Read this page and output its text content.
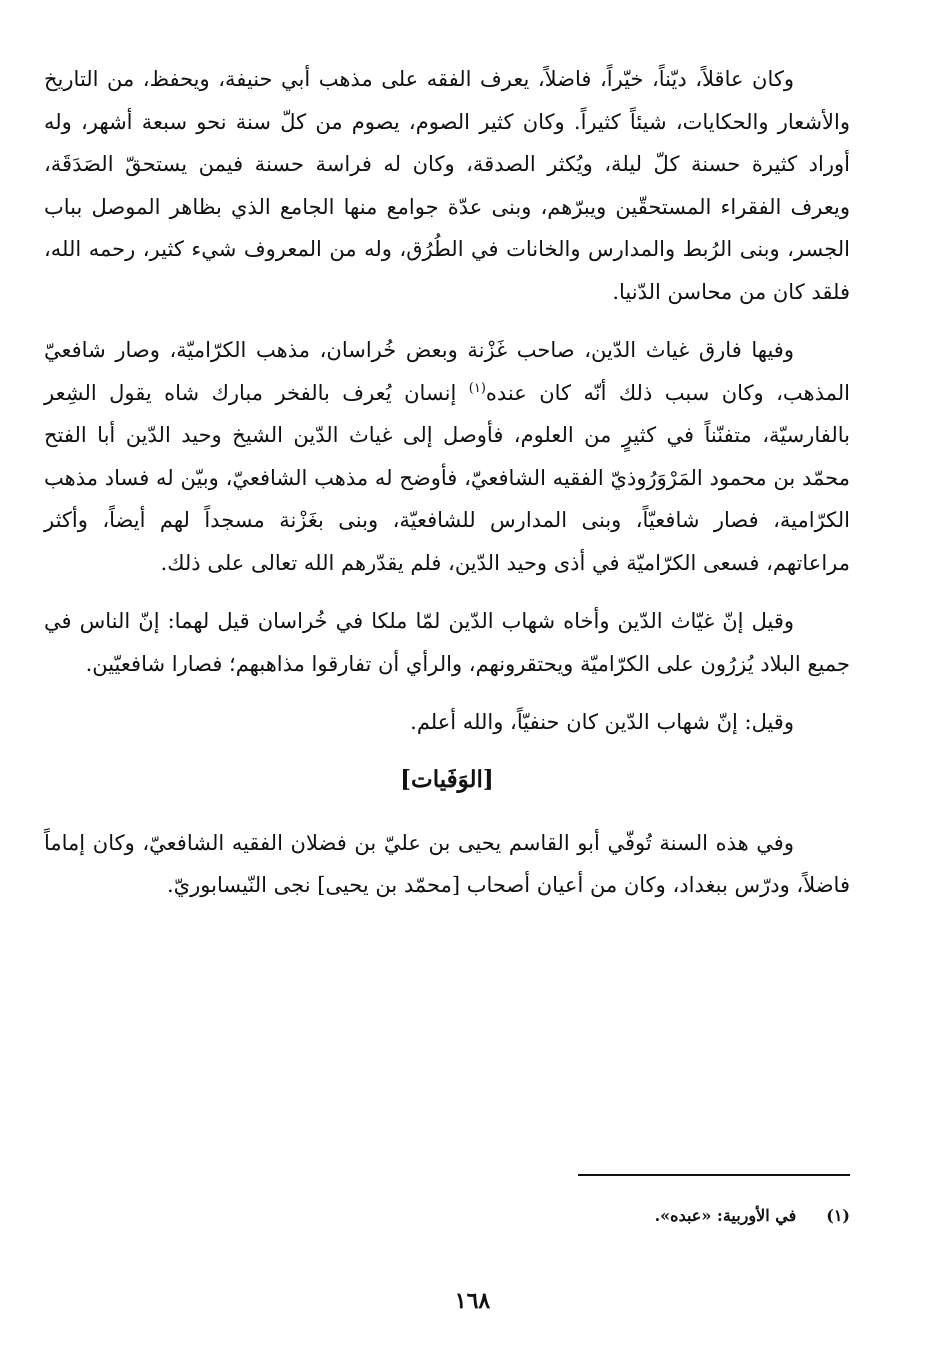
وكان عاقلاً، ديّناً، خيّراً، فاضلاً، يعرف الفقه على مذهب أبي حنيفة، ويحفظ، من التاريخ والأشعار والحكايات، شيئاً كثيراً. وكان كثير الصوم، يصوم من كلّ سنة نحو سبعة أشهر، وله أوراد كثيرة حسنة كلّ ليلة، ويُكثر الصدقة، وكان له فراسة حسنة فيمن يستحقّ الصَدَقَة، ويعرف الفقراء المستحقّين ويبرّهم، وبنى عدّة جوامع منها الجامع الذي بظاهر الموصل بباب الجسر، وبنى الرُبط والمدارس والخانات في الطُرُق، وله من المعروف شيء كثير، رحمه الله، فلقد كان من محاسن الدّنيا.

وفيها فارق غياث الدّين، صاحب غَزْنة وبعض خُراسان، مذهب الكرّاميّة، وصار شافعيّ المذهب، وكان سبب ذلك أنّه كان عنده$^{(١)}$ إنسان يُعرف بالفخر مبارك شاه يقول الشِعر بالفارسيّة، متفنّناً في كثيرٍ من العلوم، فأوصل إلى غياث الدّين الشيخ وحيد الدّين أبا الفتح محمّد بن محمود المَرْوَرُوذيّ الفقيه الشافعيّ، فأوضح له مذهب الشافعيّ، وبيّن له فساد مذهب الكرّامية، فصار شافعيّاً، وبنى المدارس للشافعيّة، وبنى بغَزْنة مسجداً لهم أيضاً، وأكثر مراعاتهم، فسعى الكرّاميّة في أذى وحيد الدّين، فلم يقدّرهم الله تعالى على ذلك.

وقيل إنّ غيّاث الدّين وأخاه شهاب الدّين لمّا ملكا في خُراسان قيل لهما: إنّ الناس في جميع البلاد يُزرُون على الكرّاميّة ويحتقرونهم، والرأي أن تفارقوا مذاهبهم؛ فصارا شافعيّين.

وقيل: إنّ شهاب الدّين كان حنفيّاً، والله أعلم.

[الوَفَيات]

وفي هذه السنة تُوفّي أبو القاسم يحيى بن عليّ بن فضلان الفقيه الشافعيّ، وكان إماماً فاضلاً، ودرّس ببغداد، وكان من أعيان أصحاب [محمّد بن يحيى] نجى النّيسابوريّ.

(١)في الأوربية: «عبده».
١٦٨
